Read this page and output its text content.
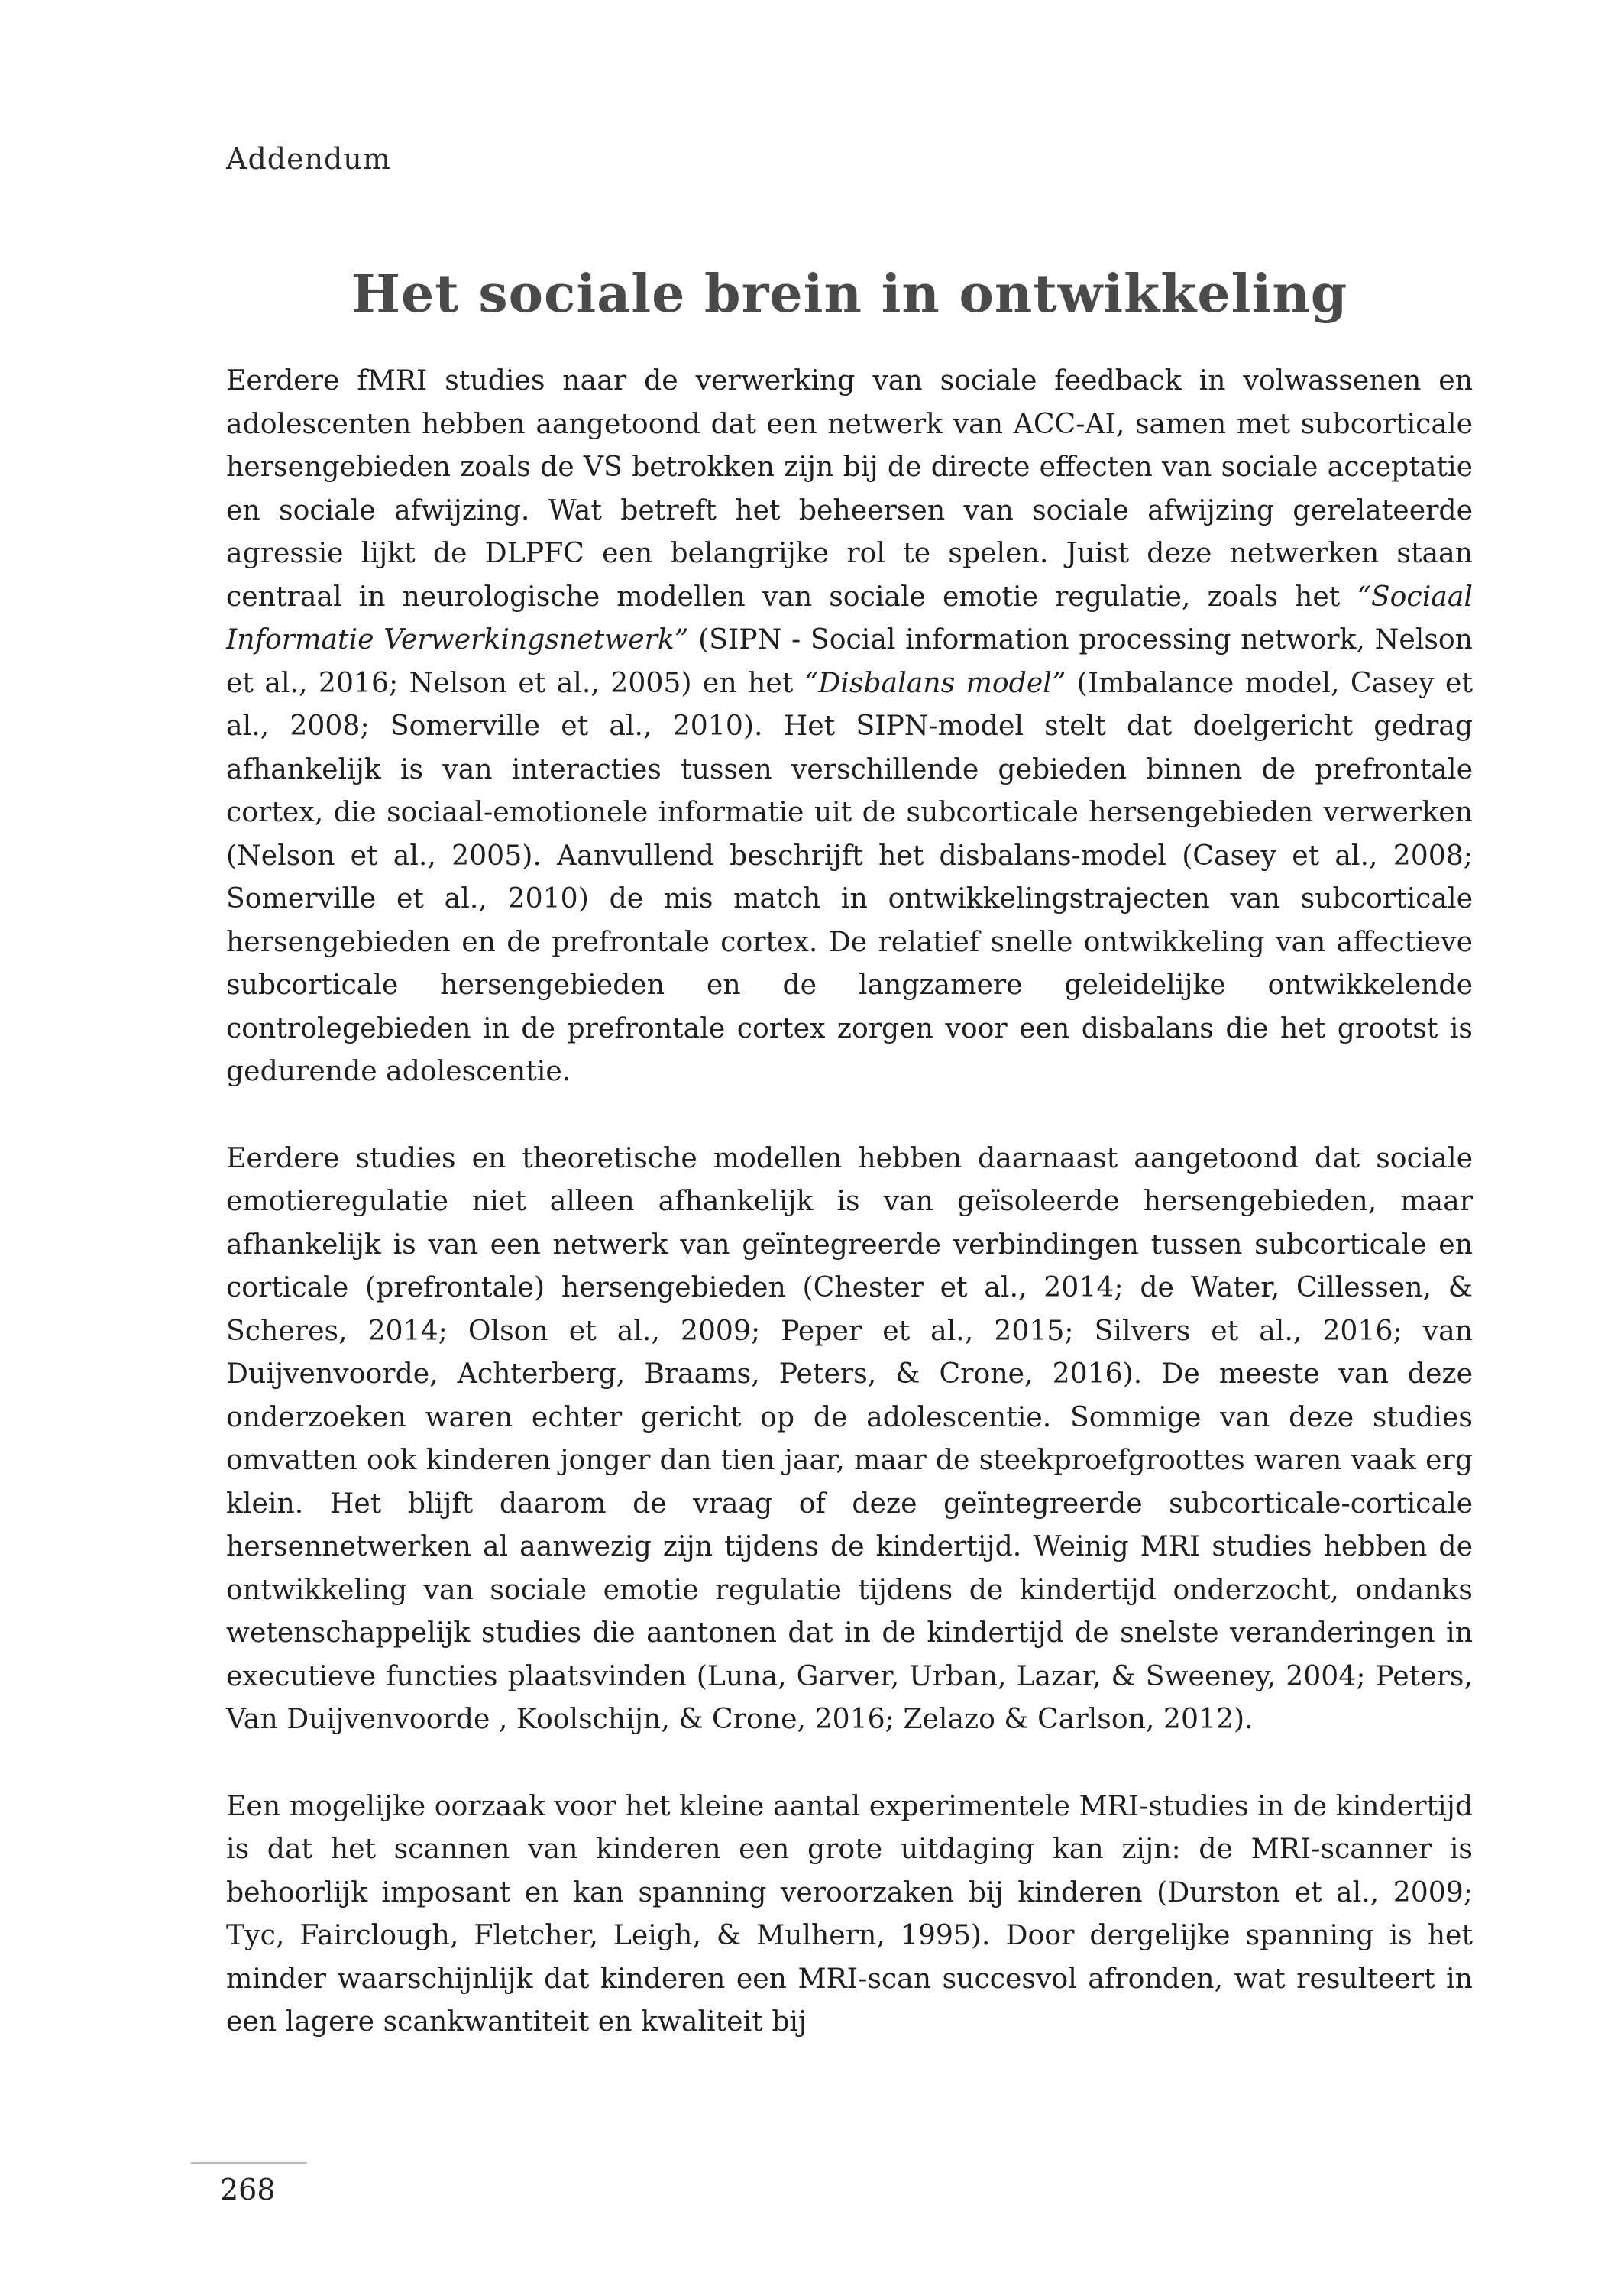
Addendum
Het sociale brein in ontwikkeling

Eerdere fMRI studies naar de verwerking van sociale feedback in volwassenen en adolescenten hebben aangetoond dat een netwerk van ACC-AI, samen met subcorticale hersengebieden zoals de VS betrokken zijn bij de directe effecten van sociale acceptatie en sociale afwijzing. Wat betreft het beheersen van sociale afwijzing gerelateerde agressie lijkt de DLPFC een belangrijke rol te spelen. Juist deze netwerken staan centraal in neurologische modellen van sociale emotie regulatie, zoals het “Sociaal Informatie Verwerkingsnetwerk” (SIPN - Social information processing network, Nelson et al., 2016; Nelson et al., 2005) en het “Disbalans model” (Imbalance model, Casey et al., 2008; Somerville et al., 2010). Het SIPN-model stelt dat doelgericht gedrag afhankelijk is van interacties tussen verschillende gebieden binnen de prefrontale cortex, die sociaal-emotionele informatie uit de subcorticale hersengebieden verwerken (Nelson et al., 2005). Aanvullend beschrijft het disbalans-model (Casey et al., 2008; Somerville et al., 2010) de mis match in ontwikkelingstrajecten van subcorticale hersengebieden en de prefrontale cortex. De relatief snelle ontwikkeling van affectieve subcorticale hersengebieden en de langzamere geleidelijke ontwikkelende controlegebieden in de prefrontale cortex zorgen voor een disbalans die het grootst is gedurende adolescentie.

Eerdere studies en theoretische modellen hebben daarnaast aangetoond dat sociale emotieregulatie niet alleen afhankelijk is van geïsoleerde hersengebieden, maar afhankelijk is van een netwerk van geïntegreerde verbindingen tussen subcorticale en corticale (prefrontale) hersengebieden (Chester et al., 2014; de Water, Cillessen, & Scheres, 2014; Olson et al., 2009; Peper et al., 2015; Silvers et al., 2016; van Duijvenvoorde, Achterberg, Braams, Peters, & Crone, 2016). De meeste van deze onderzoeken waren echter gericht op de adolescentie. Sommige van deze studies omvatten ook kinderen jonger dan tien jaar, maar de steekproefgroottes waren vaak erg klein. Het blijft daarom de vraag of deze geïntegreerde subcorticale-corticale hersennetwerken al aanwezig zijn tijdens de kindertijd. Weinig MRI studies hebben de ontwikkeling van sociale emotie regulatie tijdens de kindertijd onderzocht, ondanks wetenschappelijk studies die aantonen dat in de kindertijd de snelste veranderingen in executieve functies plaatsvinden (Luna, Garver, Urban, Lazar, & Sweeney, 2004; Peters, Van Duijvenvoorde , Koolschijn, & Crone, 2016; Zelazo & Carlson, 2012).

Een mogelijke oorzaak voor het kleine aantal experimentele MRI-studies in de kindertijd is dat het scannen van kinderen een grote uitdaging kan zijn: de MRI-scanner is behoorlijk imposant en kan spanning veroorzaken bij kinderen (Durston et al., 2009; Tyc, Fairclough, Fletcher, Leigh, & Mulhern, 1995). Door dergelijke spanning is het minder waarschijnlijk dat kinderen een MRI-scan succesvol afronden, wat resulteert in een lagere scankwantiteit en kwaliteit bij

268
